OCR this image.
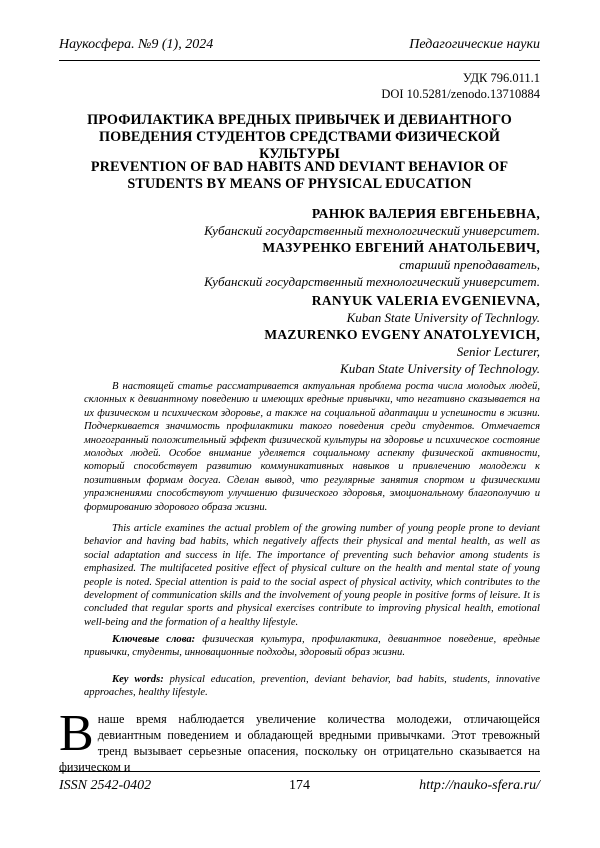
Наукосфера. №9 (1), 2024	Педагогические науки
УДК 796.011.1
DOI 10.5281/zenodo.13710884
ПРОФИЛАКТИКА ВРЕДНЫХ ПРИВЫЧЕК И ДЕВИАНТНОГО
ПОВЕДЕНИЯ СТУДЕНТОВ СРЕДСТВАМИ ФИЗИЧЕСКОЙ КУЛЬТУРЫ
PREVENTION OF BAD HABITS AND DEVIANT BEHAVIOR OF
STUDENTS BY MEANS OF PHYSICAL EDUCATION
РАНЮК ВАЛЕРИЯ ЕВГЕНЬЕВНА,
Кубанский государственный технологический университет.
МАЗУРЕНКО ЕВГЕНИЙ АНАТОЛЬЕВИЧ,
старший преподаватель,
Кубанский государственный технологический университет.
RANYUK VALERIA EVGENIEVNA,
Kuban State University of Technlogy.
MAZURENKO EVGENY ANATOLYEVICH,
Senior Lecturer,
Kuban State University of Technology.

В настоящей статье рассматривается актуальная проблема роста числа молодых людей, склонных к девиантному поведению и имеющих вредные привычки, что негативно сказывается на их физическом и психическом здоровье, а также на социальной адаптации и успешности в жизни. Подчеркивается значимость профилактики такого поведения среди студентов. Отмечается многогранный положительный эффект физической культуры на здоровье и психическое состояние молодых людей. Особое внимание уделяется социальному аспекту физической активности, который способствует развитию коммуникативных навыков и привлечению молодежи к позитивным формам досуга. Сделан вывод, что регулярные занятия спортом и физическими упражнениями способствуют улучшению физического здоровья, эмоциональному благополучию и формированию здорового образа жизни.

This article examines the actual problem of the growing number of young people prone to deviant behavior and having bad habits, which negatively affects their physical and mental health, as well as social adaptation and success in life. The importance of preventing such behavior among students is emphasized. The multifaceted positive effect of physical culture on the health and mental state of young people is noted. Special attention is paid to the social aspect of physical activity, which contributes to the development of communication skills and the involvement of young people in positive forms of leisure. It is concluded that regular sports and physical exercises contribute to improving physical health, emotional well-being and the formation of a healthy lifestyle.

Ключевые слова: физическая культура, профилактика, девиантное поведение, вредные привычки, студенты, инновационные подходы, здоровый образ жизни.

Key words: physical education, prevention, deviant behavior, bad habits, students, innovative approaches, healthy lifestyle.

Внаше время наблюдается увеличение количества молодежи, отличающейся девиантным поведением и обладающей вредными привычками. Этот тревожный тренд вызывает серьезные опасения, поскольку он отрицательно сказывается на физическом и
ISSN 2542-0402	174	http://nauko-sfera.ru/
